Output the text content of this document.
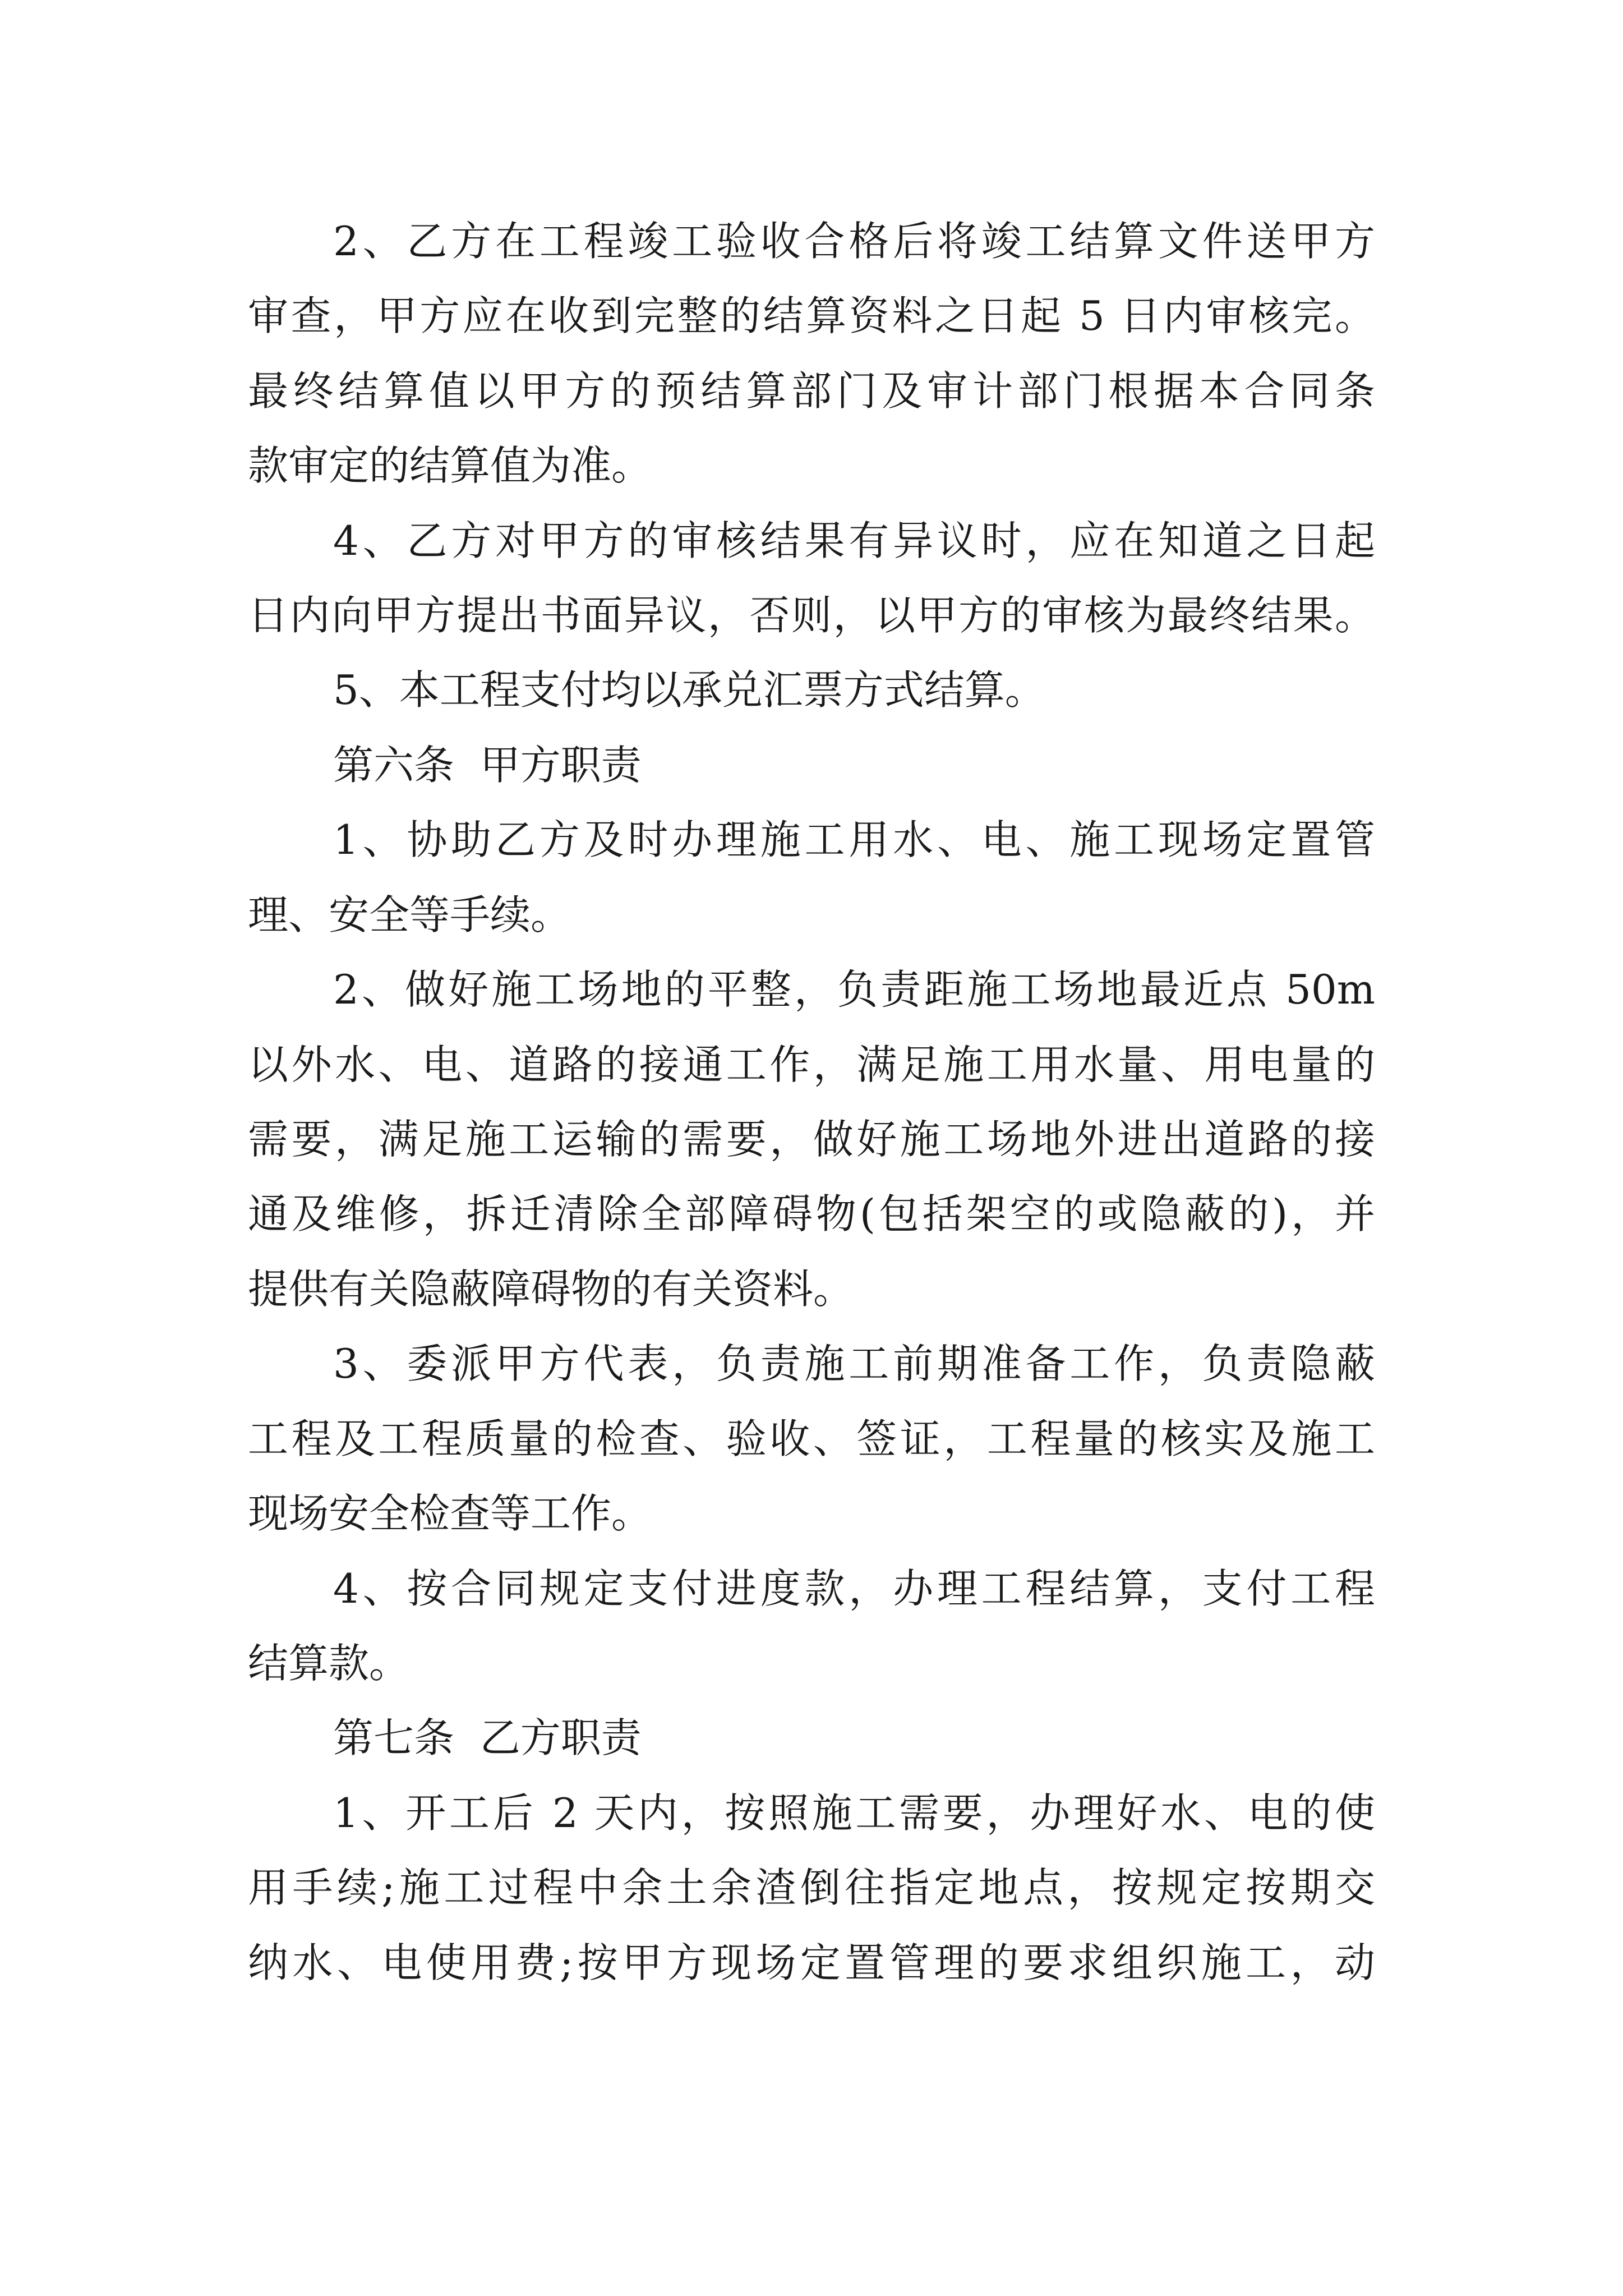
2、乙方在工程竣工验收合格后将竣工结算文件送甲方
审查，甲方应在收到完整的结算资料之日起 5 日内审核完。
最终结算值以甲方的预结算部门及审计部门根据本合同条
款审定的结算值为准。
4、乙方对甲方的审核结果有异议时，应在知道之日起
日内向甲方提出书面异议，否则，以甲方的审核为最终结果。
5、本工程支付均以承兑汇票方式结算。
第六条  甲方职责
1、协助乙方及时办理施工用水、电、施工现场定置管
理、安全等手续。
2、做好施工场地的平整，负责距施工场地最近点 50m
以外水、电、道路的接通工作，满足施工用水量、用电量的
需要，满足施工运输的需要，做好施工场地外进出道路的接
通及维修，拆迁清除全部障碍物(包括架空的或隐蔽的)，并
提供有关隐蔽障碍物的有关资料。
3、委派甲方代表，负责施工前期准备工作，负责隐蔽
工程及工程质量的检查、验收、签证，工程量的核实及施工
现场安全检查等工作。
4、按合同规定支付进度款，办理工程结算，支付工程
结算款。
第七条  乙方职责
1、开工后 2 天内，按照施工需要，办理好水、电的使
用手续;施工过程中余土余渣倒往指定地点，按规定按期交
纳水、电使用费;按甲方现场定置管理的要求组织施工，动
